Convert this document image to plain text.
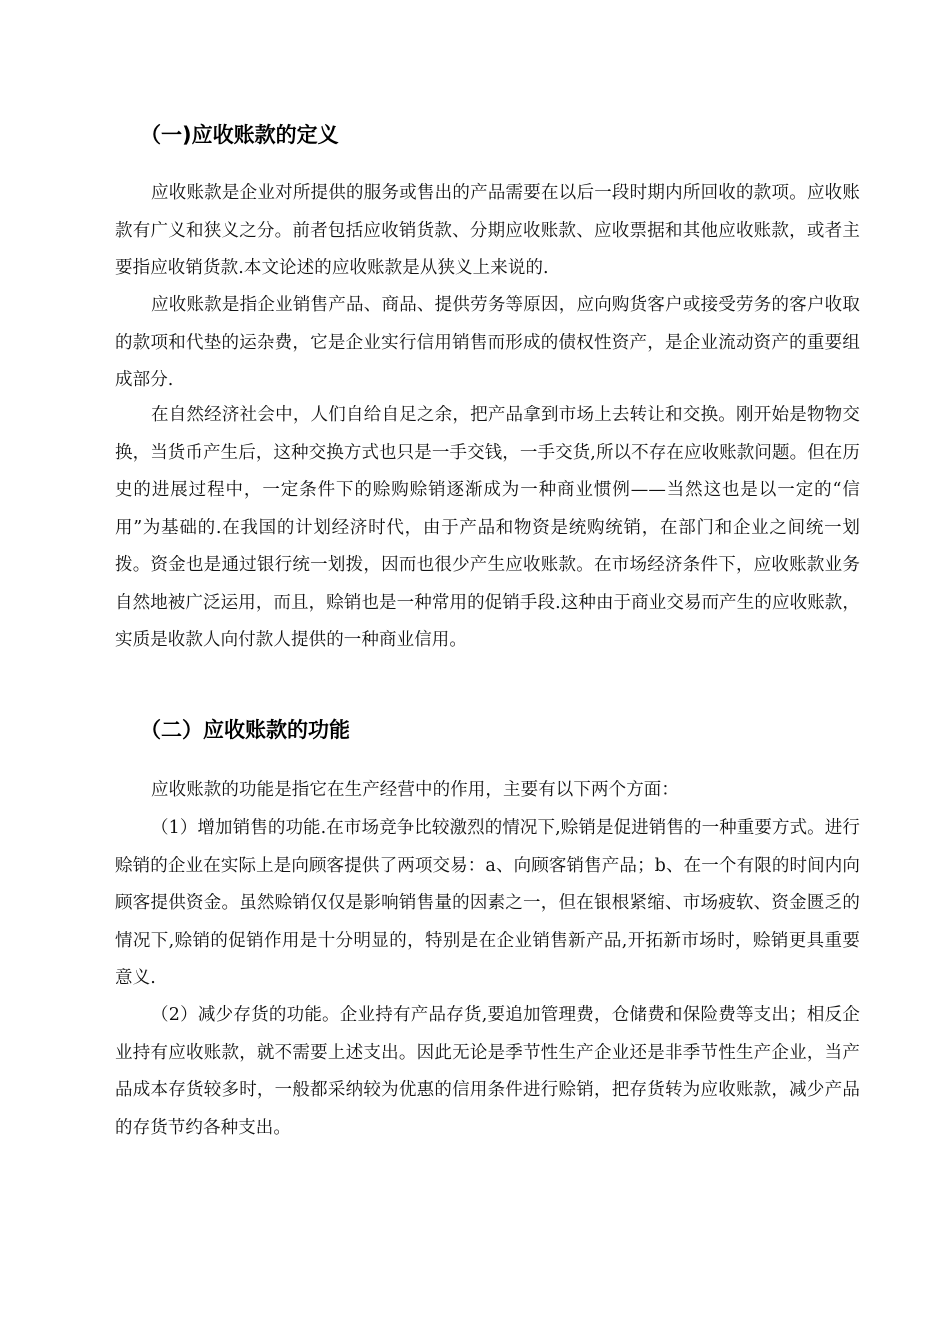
（一)应收账款的定义
应收账款是企业对所提供的服务或售出的产品需要在以后一段时期内所回收的款项。应收账款有广义和狭义之分。前者包括应收销货款、分期应收账款、应收票据和其他应收账款，或者主要指应收销货款.本文论述的应收账款是从狭义上来说的.
应收账款是指企业销售产品、商品、提供劳务等原因，应向购货客户或接受劳务的客户收取的款项和代垫的运杂费，它是企业实行信用销售而形成的债权性资产，是企业流动资产的重要组成部分.
在自然经济社会中，人们自给自足之余，把产品拿到市场上去转让和交换。刚开始是物物交换，当货币产生后，这种交换方式也只是一手交钱，一手交货,所以不存在应收账款问题。但在历史的进展过程中，一定条件下的赊购赊销逐渐成为一种商业惯例——当然这也是以一定的“信用”为基础的.在我国的计划经济时代，由于产品和物资是统购统销，在部门和企业之间统一划拨。资金也是通过银行统一划拨，因而也很少产生应收账款。在市场经济条件下，应收账款业务自然地被广泛运用，而且，赊销也是一种常用的促销手段.这种由于商业交易而产生的应收账款，实质是收款人向付款人提供的一种商业信用。
（二）应收账款的功能
应收账款的功能是指它在生产经营中的作用，主要有以下两个方面：
（1）增加销售的功能.在市场竞争比较激烈的情况下,赊销是促进销售的一种重要方式。进行赊销的企业在实际上是向顾客提供了两项交易：a、向顾客销售产品；b、在一个有限的时间内向顾客提供资金。虽然赊销仅仅是影响销售量的因素之一，但在银根紧缩、市场疲软、资金匮乏的情况下,赊销的促销作用是十分明显的，特别是在企业销售新产品,开拓新市场时，赊销更具重要意义.
（2）减少存货的功能。企业持有产品存货,要追加管理费，仓储费和保险费等支出；相反企业持有应收账款，就不需要上述支出。因此无论是季节性生产企业还是非季节性生产企业，当产品成本存货较多时，一般都采纳较为优惠的信用条件进行赊销，把存货转为应收账款，减少产品的存货节约各种支出。
